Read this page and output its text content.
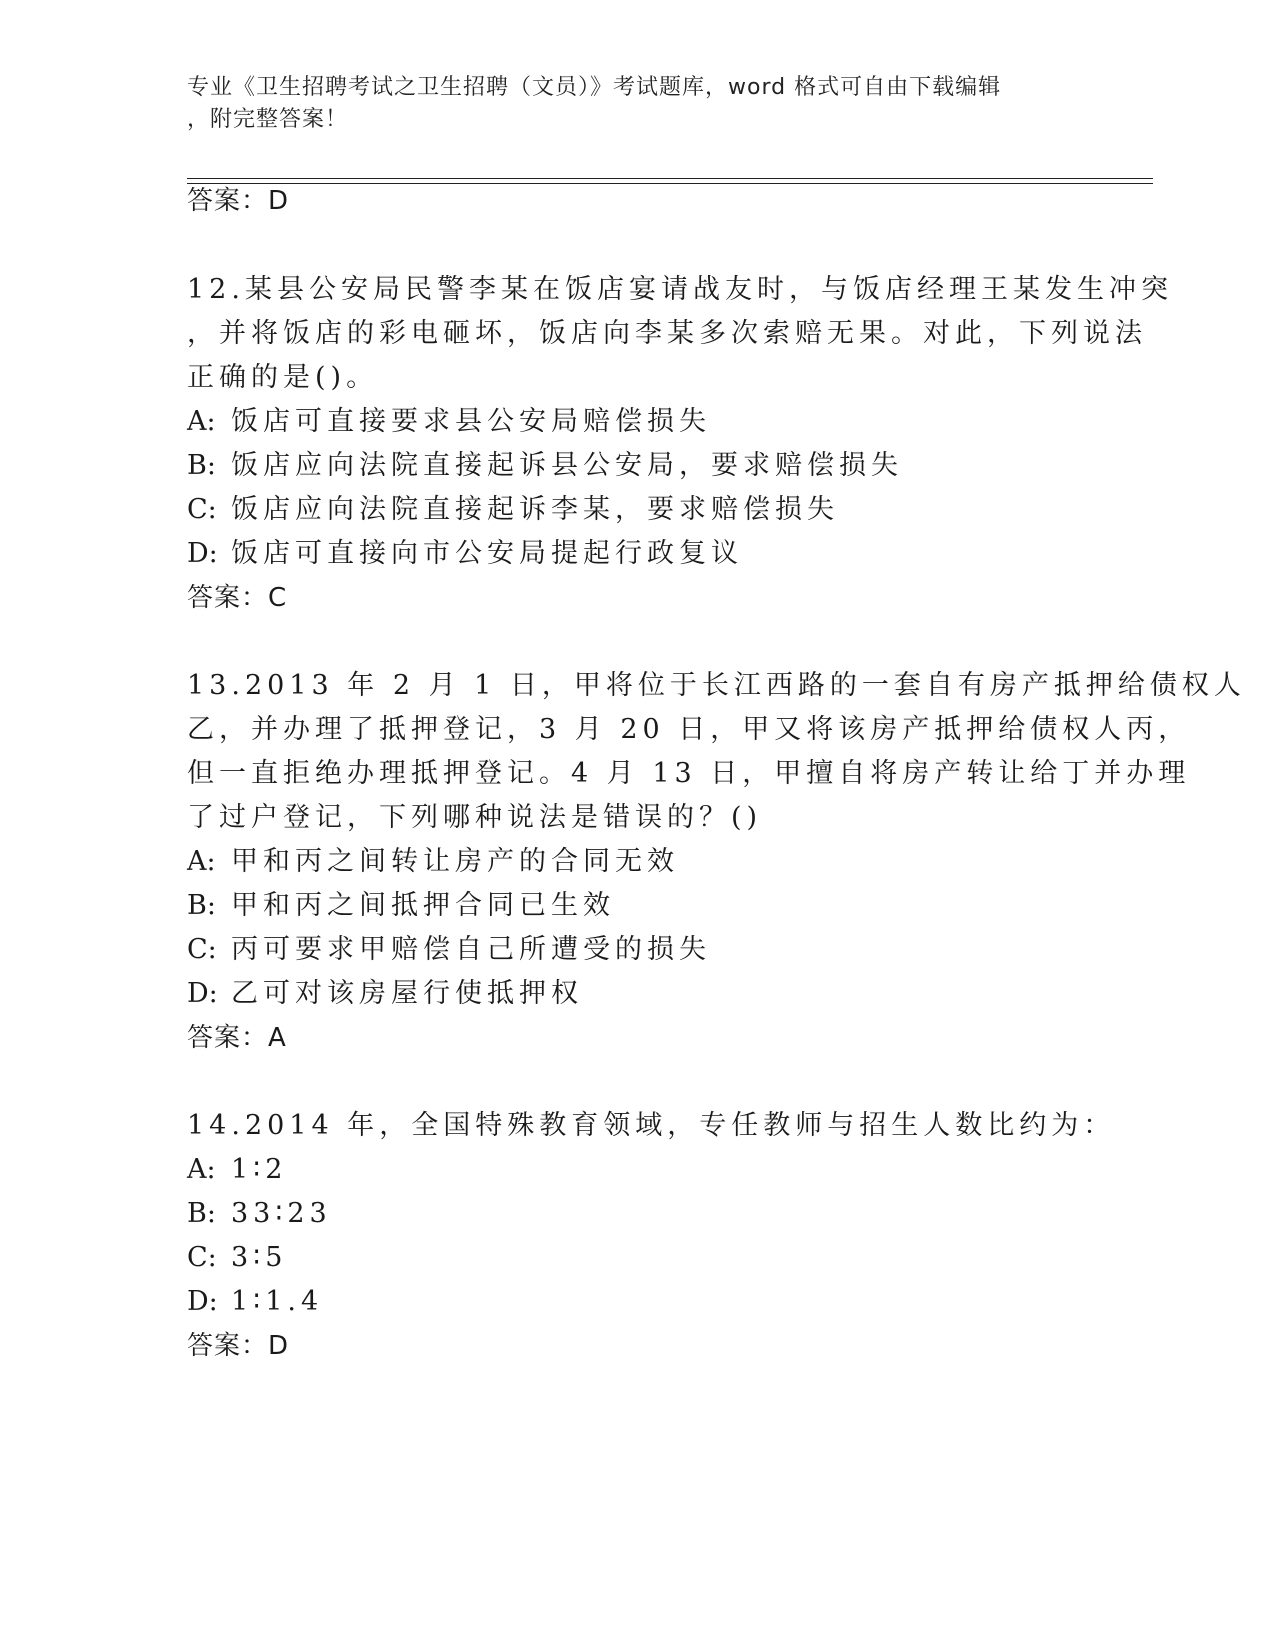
专业《卫生招聘考试之卫生招聘（文员）》考试题库，word 格式可自由下载编辑
，附完整答案！
答案：D
12.某县公安局民警李某在饭店宴请战友时，与饭店经理王某发生冲突
，并将饭店的彩电砸坏，饭店向李某多次索赔无果。对此，下列说法
正确的是()。
A: 饭店可直接要求县公安局赔偿损失
B: 饭店应向法院直接起诉县公安局，要求赔偿损失
C: 饭店应向法院直接起诉李某，要求赔偿损失
D: 饭店可直接向市公安局提起行政复议
答案：C
13.2013 年 2 月 1 日，甲将位于长江西路的一套自有房产抵押给债权人
乙，并办理了抵押登记，3 月 20 日，甲又将该房产抵押给债权人丙，
但一直拒绝办理抵押登记。4 月 13 日，甲擅自将房产转让给丁并办理
了过户登记，下列哪种说法是错误的？()
A: 甲和丙之间转让房产的合同无效
B: 甲和丙之间抵押合同已生效
C: 丙可要求甲赔偿自己所遭受的损失
D: 乙可对该房屋行使抵押权
答案：A
14.2014 年，全国特殊教育领域，专任教师与招生人数比约为：
A: 1∶2
B: 33∶23
C: 3∶5
D: 1∶1.4
答案：D
